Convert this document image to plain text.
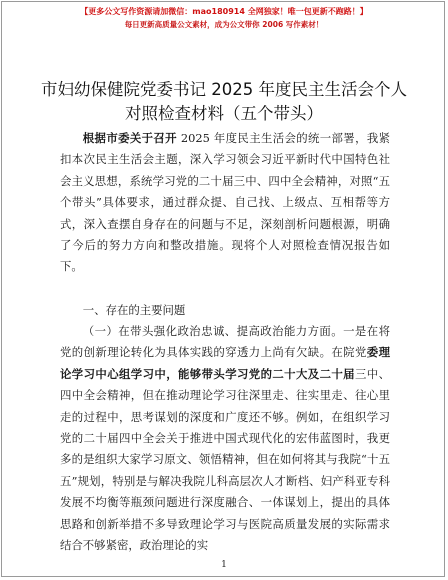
【更多公文写作资源请加微信：mao180914 全网独家！唯一包更新不跑路！】
每日更新高质量公文素材，成为公文带你 2006 写作素材！
市妇幼保健院党委书记 2025 年度民主生活会个人对照检查材料（五个带头）
根据市委关于召开 2025 年度民主生活会的统一部署，我紧扣本次民主生活会主题，深入学习领会习近平新时代中国特色社会主义思想，系统学习党的二十届三中、四中全会精神，对照“五个带头”具体要求，通过群众提、自己找、上级点、互相帮等方式，深入查摆自身存在的问题与不足，深刻剖析问题根源，明确了今后的努力方向和整改措施。现将个人对照检查情况报告如下。
一、存在的主要问题
（一）在带头强化政治忠诚、提高政治能力方面。一是在将党的创新理论转化为具体实践的穿透力上尚有欠缺。在院党委理论学习中心组学习中，能够带头学习党的二十大及二十届三中、四中全会精神，但在推动理论学习往深里走、往实里走、往心里走的过程中，思考谋划的深度和广度还不够。例如，在组织学习党的二十届四中全会关于推进中国式现代化的宏伟蓝图时，我更多的是组织大家学习原文、领悟精神，但在如何将其与我院“十五五”规划，特别是与解决我院儿科高层次人才断档、妇产科亚专科发展不均衡等瓶颈问题进行深度融合、一体谋划上，提出的具体思路和创新举措不多导致理论学习与医院高质量发展的实际需求结合不够紧密，政治理论的实
1
